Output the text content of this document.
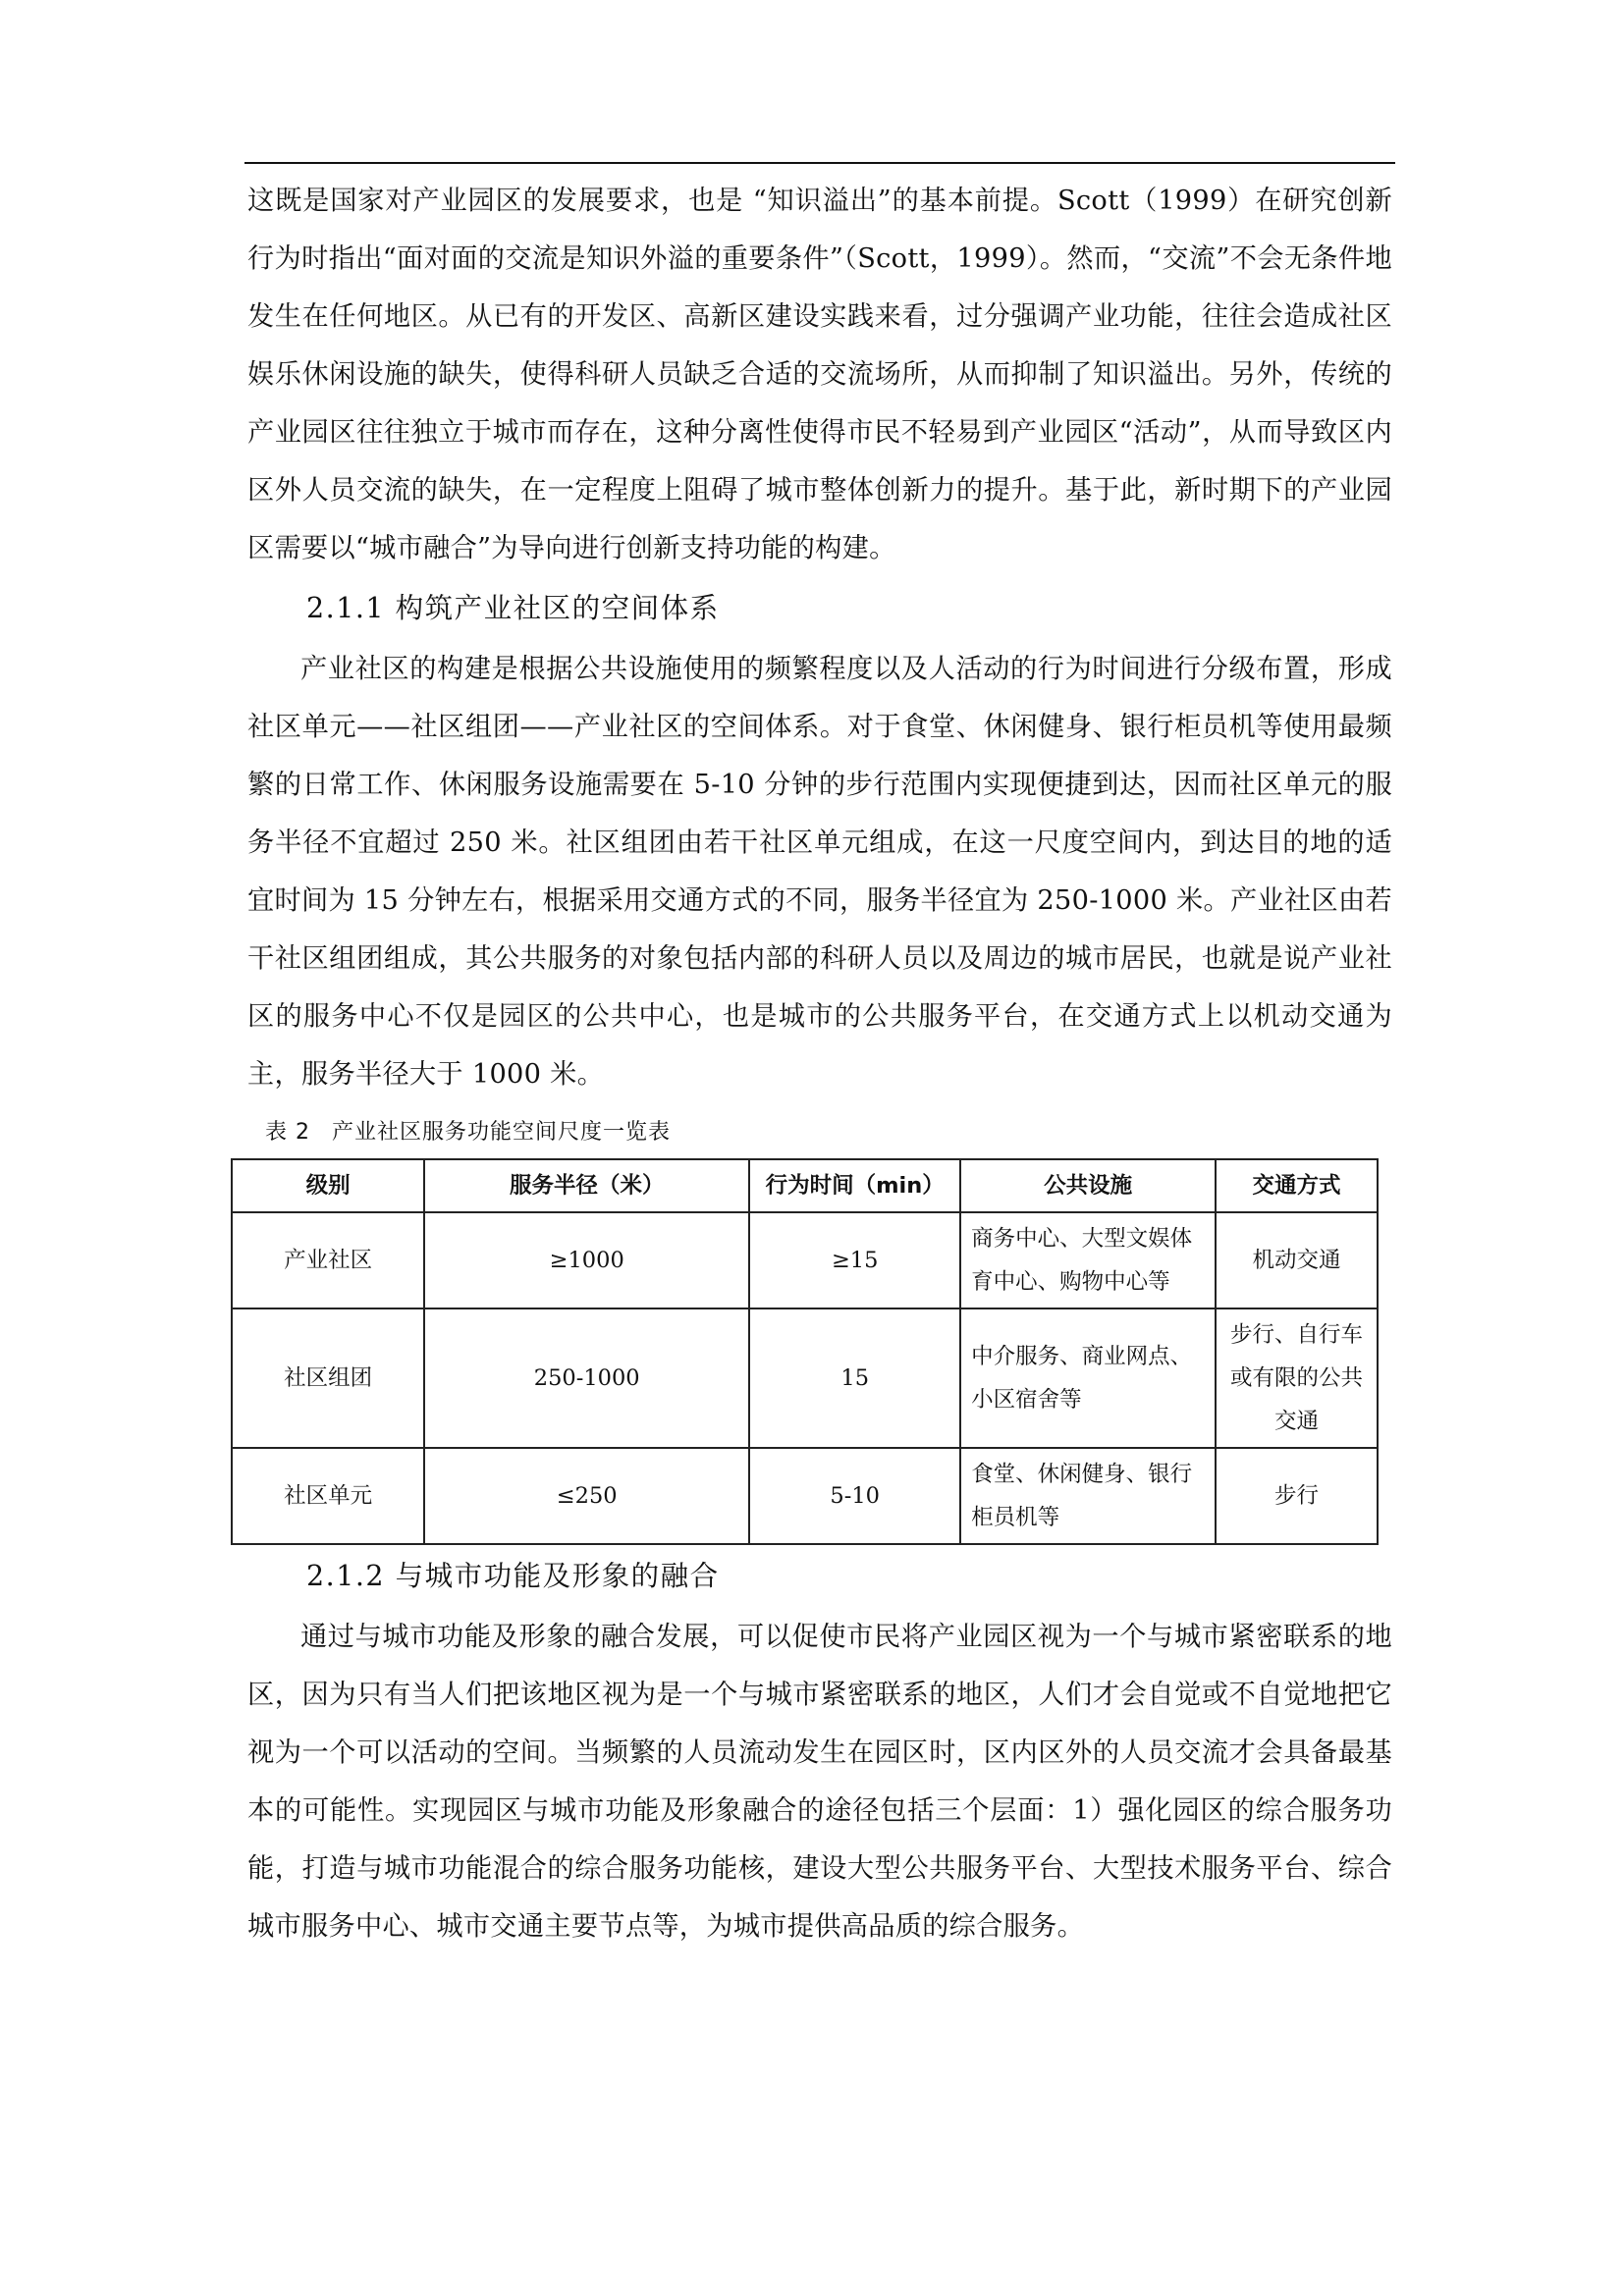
这既是国家对产业园区的发展要求，也是 “知识溢出”的基本前提。Scott（1999）在研究创新行为时指出“面对面的交流是知识外溢的重要条件”（Scott，1999）。然而，“交流”不会无条件地发生在任何地区。从已有的开发区、高新区建设实践来看，过分强调产业功能，往往会造成社区娱乐休闲设施的缺失，使得科研人员缺乏合适的交流场所，从而抑制了知识溢出。另外，传统的产业园区往往独立于城市而存在，这种分离性使得市民不轻易到产业园区“活动”，从而导致区内区外人员交流的缺失，在一定程度上阻碍了城市整体创新力的提升。基于此，新时期下的产业园区需要以“城市融合”为导向进行创新支持功能的构建。

2.1.1 构筑产业社区的空间体系

产业社区的构建是根据公共设施使用的频繁程度以及人活动的行为时间进行分级布置，形成社区单元——社区组团——产业社区的空间体系。对于食堂、休闲健身、银行柜员机等使用最频繁的日常工作、休闲服务设施需要在 5-10 分钟的步行范围内实现便捷到达，因而社区单元的服务半径不宜超过 250 米。社区组团由若干社区单元组成，在这一尺度空间内，到达目的地的适宜时间为 15 分钟左右，根据采用交通方式的不同，服务半径宜为 250-1000 米。产业社区由若干社区组团组成，其公共服务的对象包括内部的科研人员以及周边的城市居民，也就是说产业社区的服务中心不仅是园区的公共中心，也是城市的公共服务平台，在交通方式上以机动交通为主，服务半径大于 1000 米。

表 2 产业社区服务功能空间尺度一览表
级别	服务半径（米）	行为时间（min）	公共设施	交通方式
产业社区	≥1000	≥15	商务中心、大型文娱体育中心、购物中心等	机动交通
社区组团	250-1000	15	中介服务、商业网点、小区宿舍等	步行、自行车或有限的公共交通
社区单元	≤250	5-10	食堂、休闲健身、银行柜员机等	步行
2.1.2 与城市功能及形象的融合

通过与城市功能及形象的融合发展，可以促使市民将产业园区视为一个与城市紧密联系的地区，因为只有当人们把该地区视为是一个与城市紧密联系的地区，人们才会自觉或不自觉地把它视为一个可以活动的空间。当频繁的人员流动发生在园区时，区内区外的人员交流才会具备最基本的可能性。实现园区与城市功能及形象融合的途径包括三个层面：1）强化园区的综合服务功能，打造与城市功能混合的综合服务功能核，建设大型公共服务平台、大型技术服务平台、综合城市服务中心、城市交通主要节点等，为城市提供高品质的综合服务。
